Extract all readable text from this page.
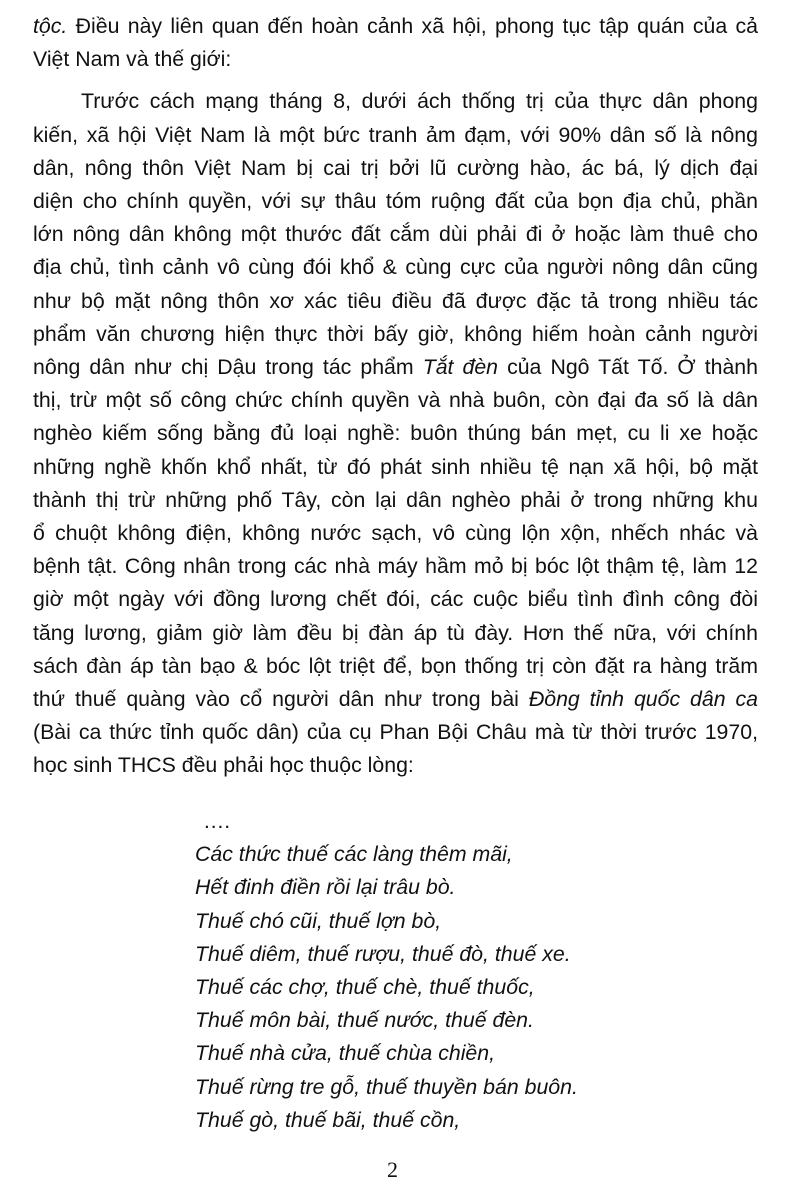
tộc. Điều này liên quan đến hoàn cảnh xã hội, phong tục tập quán của cả
Việt Nam và thế giới:

Trước cách mạng tháng 8, dưới ách thống trị của thực dân phong
kiến, xã hội Việt Nam là một bức tranh ảm đạm, với 90% dân số là nông
dân, nông thôn Việt Nam bị cai trị bởi lũ cường hào, ác bá, lý dịch đại
diện cho chính quyền, với sự thâu tóm ruộng đất của bọn địa chủ, phần
lớn nông dân không một thước đất cắm dùi phải đi ở hoặc làm thuê cho
địa chủ, tình cảnh vô cùng đói khổ & cùng cực của người nông dân cũng
như bộ mặt nông thôn xơ xác tiêu điều đã được đặc tả trong nhiều tác
phẩm văn chương hiện thực thời bấy giờ, không hiếm hoàn cảnh người
nông dân như chị Dậu trong tác phẩm Tắt đèn của Ngô Tất Tố. Ở thành
thị, trừ một số công chức chính quyền và nhà buôn, còn đại đa số là dân
nghèo kiếm sống bằng đủ loại nghề: buôn thúng bán mẹt, cu li xe hoặc
những nghề khốn khổ nhất, từ đó phát sinh nhiều tệ nạn xã hội, bộ mặt
thành thị trừ những phố Tây, còn lại dân nghèo phải ở trong những khu
ổ chuột không điện, không nước sạch, vô cùng lộn xộn, nhếch nhác và
bệnh tật. Công nhân trong các nhà máy hầm mỏ bị bóc lột thậm tệ, làm 12
giờ một ngày với đồng lương chết đói, các cuộc biểu tình đình công đòi
tăng lương, giảm giờ làm đều bị đàn áp tù đày. Hơn thế nữa, với chính
sách đàn áp tàn bạo & bóc lột triệt để, bọn thống trị còn đặt ra hàng trăm
thứ thuế quàng vào cổ người dân như trong bài Đồng tỉnh quốc dân ca
(Bài ca thức tỉnh quốc dân) của cụ Phan Bội Châu mà từ thời trước 1970,
học sinh THCS đều phải học thuộc lòng:

….
Các thức thuế các làng thêm mãi,
Hết đinh điền rồi lại trâu bò.
Thuế chó cũi, thuế lợn bò,
Thuế diêm, thuế rượu, thuế đò, thuế xe.
Thuế các chợ, thuế chè, thuế thuốc,
Thuế môn bài, thuế nước, thuế đèn.
Thuế nhà cửa, thuế chùa chiền,
Thuế rừng tre gỗ, thuế thuyền bán buôn.
Thuế gò, thuế bãi, thuế cồn,
2
